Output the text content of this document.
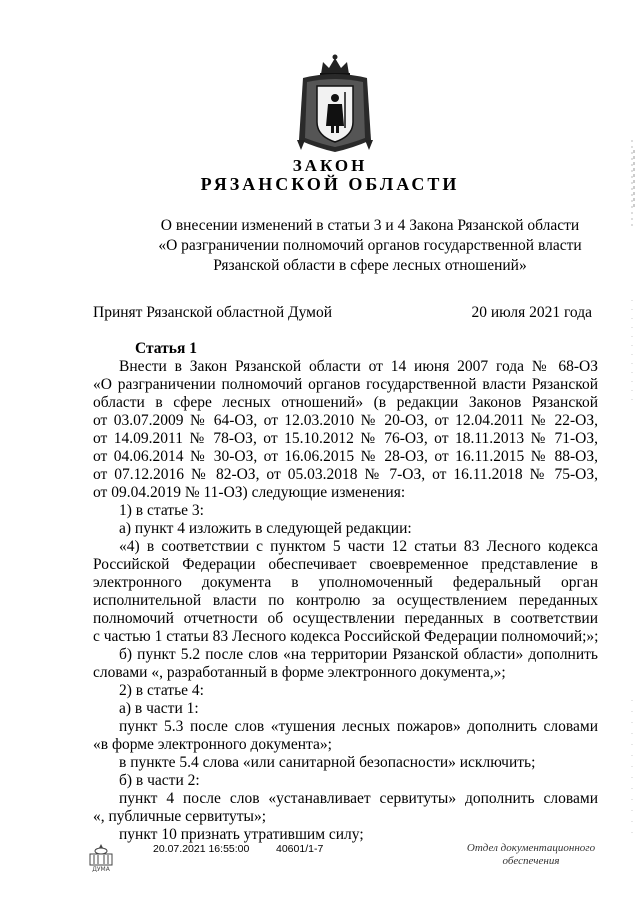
ЗАКОН
РЯЗАНСКОЙ ОБЛАСТИ
О внесении изменений в статьи 3 и 4 Закона Рязанской области
«О разграничении полномочий органов государственной власти
Рязанской области в сфере лесных отношений»
Принят Рязанской областной Думой	20 июля 2021 года
Статья 1
Внести в Закон Рязанской области от 14 июня 2007 года № 68-ОЗ
«О разграничении полномочий органов государственной власти Рязанской
области в сфере лесных отношений» (в редакции Законов Рязанской
от 03.07.2009 № 64-ОЗ, от 12.03.2010 № 20-ОЗ, от 12.04.2011 № 22-ОЗ,
от 14.09.2011 № 78-ОЗ, от 15.10.2012 № 76-ОЗ, от 18.11.2013 № 71-ОЗ,
от 04.06.2014 № 30-ОЗ, от 16.06.2015 № 28-ОЗ, от 16.11.2015 № 88-ОЗ,
от 07.12.2016 № 82-ОЗ, от 05.03.2018 № 7-ОЗ, от 16.11.2018 № 75-ОЗ,
от 09.04.2019 № 11-ОЗ) следующие изменения:
1) в статье 3:
а) пункт 4 изложить в следующей редакции:
«4) в соответствии с пунктом 5 части 12 статьи 83 Лесного кодекса
Российской Федерации обеспечивает своевременное представление в
электронного документа в уполномоченный федеральный орган
исполнительной власти по контролю за осуществлением переданных
полномочий отчетности об осуществлении переданных в соответствии
с частью 1 статьи 83 Лесного кодекса Российской Федерации полномочий;»;
б) пункт 5.2 после слов «на территории Рязанской области» дополнить
словами «, разработанный в форме электронного документа,»;
2) в статье 4:
а) в части 1:
пункт 5.3 после слов «тушения лесных пожаров» дополнить словами
«в форме электронного документа»;
в пункте 5.4 слова «или санитарной безопасности» исключить;
б) в части 2:
пункт 4 после слов «устанавливает сервитуты» дополнить словами
«, публичные сервитуты»;
пункт 10 признать утратившим силу;
ДУМА
20.07.2021 16:55:00	40601/1-7	Отдел документационного
обеспечения
